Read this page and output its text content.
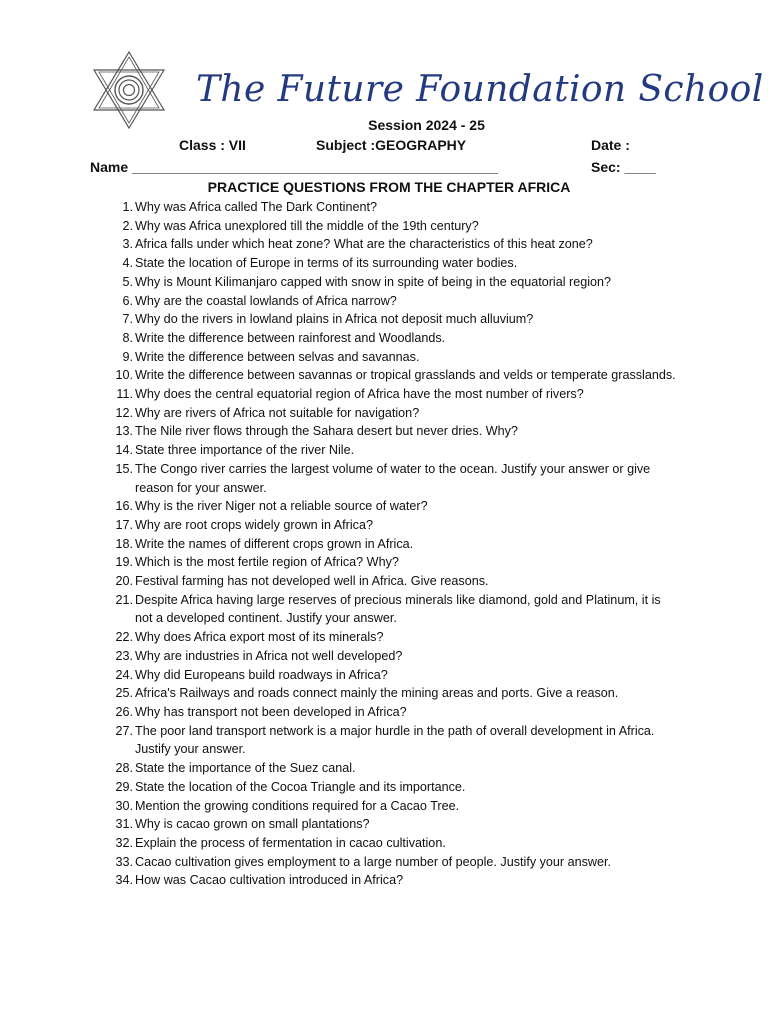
The Future Foundation School
Session 2024 - 25
Class : VII	Subject :GEOGRAPHY	Date :
Name _______________________________________________	Sec: ____
PRACTICE QUESTIONS FROM THE CHAPTER AFRICA
1. Why was Africa called The Dark Continent?
2. Why was Africa unexplored till the middle of the 19th century?
3. Africa falls under which heat zone? What are the characteristics of this heat zone?
4. State the location of Europe in terms of its surrounding water bodies.
5. Why is Mount Kilimanjaro capped with snow in spite of being in the equatorial region?
6. Why are the coastal lowlands of Africa narrow?
7. Why do the rivers in lowland plains in Africa not deposit much alluvium?
8. Write the difference between rainforest and Woodlands.
9. Write the difference between selvas and savannas.
10. Write the difference between savannas or tropical grasslands and velds or temperate grasslands.
11. Why does the central equatorial region of Africa have the most number of rivers?
12. Why are rivers of Africa not suitable for navigation?
13. The Nile river flows through the Sahara desert but never dries. Why?
14. State three importance of the river Nile.
15. The Congo river carries the largest volume of water to the ocean. Justify your answer or give reason for your answer.
16. Why is the river Niger not a reliable source of water?
17. Why are root crops widely grown in Africa?
18. Write the names of different crops grown in Africa.
19. Which is the most fertile region of Africa? Why?
20. Festival farming has not developed well in Africa. Give reasons.
21. Despite Africa having large reserves of precious minerals like diamond, gold and Platinum, it is not a developed continent. Justify your answer.
22. Why does Africa export most of its minerals?
23. Why are industries in Africa not well developed?
24. Why did Europeans build roadways in Africa?
25. Africa's Railways and roads connect mainly the mining areas and ports. Give a reason.
26. Why has transport not been developed in Africa?
27. The poor land transport network is a major hurdle in the path of overall development in Africa. Justify your answer.
28. State the importance of the Suez canal.
29. State the location of the Cocoa Triangle and its importance.
30. Mention the growing conditions required for a Cacao Tree.
31. Why is cacao grown on small plantations?
32. Explain the process of fermentation in cacao cultivation.
33. Cacao cultivation gives employment to a large number of people. Justify your answer.
34. How was Cacao cultivation introduced in Africa?
